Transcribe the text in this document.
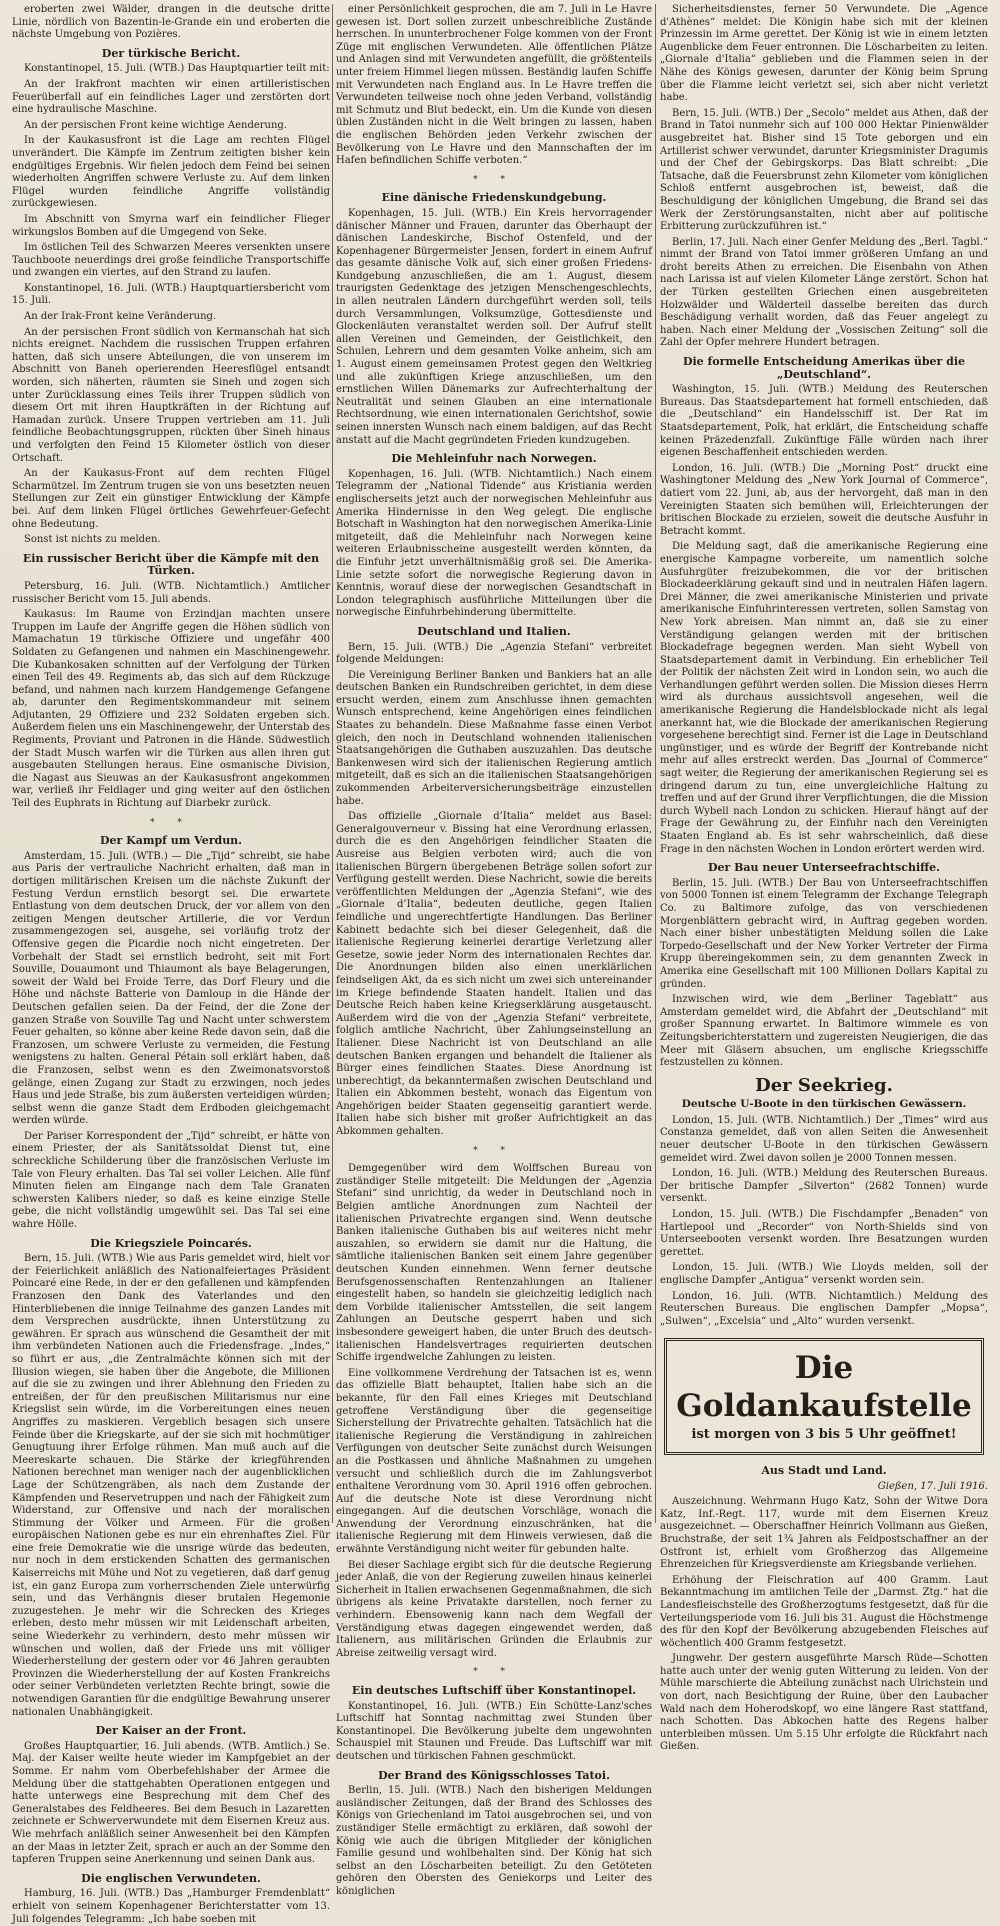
eroberten zwei Wälder, drangen in die deutsche dritte Linie, nördlich von Bazentin-le-Grande ein und eroberten die nächste Umgebung von Pozières.

Der türkische Bericht.

Konstantinopel, 15. Juli. (WTB.) Das Hauptquartier teilt mit:

An der Irakfront machten wir einen artilleristischen Feuerüberfall auf ein feindliches Lager und zerstörten dort eine hydraulische Maschine.

An der persischen Front keine wichtige Aenderung.

In der Kaukasusfront ist die Lage am rechten Flügel unverändert. Die Kämpfe im Zentrum zeitigten bisher kein endgültiges Ergebnis. Wir fielen jedoch dem Feind bei seinen wiederholten Angriffen schwere Verluste zu. Auf dem linken Flügel wurden feindliche Angriffe vollständig zurückgewiesen.

Im Abschnitt von Smyrna warf ein feindlicher Flieger wirkungslos Bomben auf die Umgegend von Seke.

Im östlichen Teil des Schwarzen Meeres versenkten unsere Tauchboote neuerdings drei große feindliche Transportschiffe und zwangen ein viertes, auf den Strand zu laufen.

Konstantinopel, 16. Juli. (WTB.) Hauptquartiersbericht vom 15. Juli.

An der Irak-Front keine Veränderung.

An der persischen Front südlich von Kermanschah hat sich nichts ereignet. Nachdem die russischen Truppen erfahren hatten, daß sich unsere Abteilungen, die von unserem im Abschnitt von Baneh operierenden Heeresflügel entsandt worden, sich näherten, räumten sie Sineh und zogen sich unter Zurücklassung eines Teils ihrer Truppen südlich von diesem Ort mit ihren Hauptkräften in der Richtung auf Hamadan zurück. Unsere Truppen vertrieben am 11. Juli feindliche Beobachtungsgruppen, rückten über Sineh hinaus und verfolgten den Feind 15 Kilometer östlich von dieser Ortschaft.

An der Kaukasus-Front auf dem rechten Flügel Scharmützel. Im Zentrum trugen sie von uns besetzten neuen Stellungen zur Zeit ein günstiger Entwicklung der Kämpfe bei. Auf dem linken Flügel örtliches Gewehrfeuer-Gefecht ohne Bedeutung.

Sonst ist nichts zu melden.

Ein russischer Bericht über die Kämpfe mit den Türken.

Petersburg, 16. Juli. (WTB. Nichtamtlich.) Amtlicher russischer Bericht vom 15. Juli abends.

Kaukasus: Im Raume von Erzindjan machten unsere Truppen im Laufe der Angriffe gegen die Höhen südlich von Mamachatun 19 türkische Offiziere und ungefähr 400 Soldaten zu Gefangenen und nahmen ein Maschinengewehr. Die Kubankosaken schnitten auf der Verfolgung der Türken einen Teil des 49. Regiments ab, das sich auf dem Rückzuge befand, und nahmen nach kurzem Handgemenge Gefangene ab, darunter den Regimentskommandeur mit seinem Adjutanten, 29 Offiziere und 232 Soldaten ergeben sich. Außerdem fielen uns ein Maschinengewehr, der Unterstab des Regiments, Proviant und Patronen in die Hände. Südwestlich der Stadt Musch warfen wir die Türken aus allen ihren gut ausgebauten Stellungen heraus. Eine osmanische Division, die Nagast aus Sieuwas an der Kaukasusfront angekommen war, verließ ihr Feldlager und ging weiter auf den östlichen Teil des Euphrats in Richtung auf Diarbekr zurück.

* *
Der Kampf um Verdun.

Amsterdam, 15. Juli. (WTB.) — Die „Tijd“ schreibt, sie habe aus Paris der vertrauliche Nachricht erhalten, daß man in dortigen militärischen Kreisen um die nächste Zukunft der Festung Verdun ernstlich besorgt sei. Die erwartete Entlastung von dem deutschen Druck, der vor allem von den zeitigen Mengen deutscher Artillerie, die vor Verdun zusammengezogen sei, ausgehe, sei vorläufig trotz der Offensive gegen die Picardie noch nicht eingetreten. Der Vorbehalt der Stadt sei ernstlich bedroht, seit mit Fort Souville, Douaumont und Thiaumont als baye Belagerungen, soweit der Wald bei Froide Terre, das Dorf Fleury und die Höhe und nächste Batterie von Damloup in die Hände der Deutschen gefallen seien. Da der Feind, der die Zone der ganzen Straße von Souville Tag und Nacht unter schwerstem Feuer gehalten, so könne aber keine Rede davon sein, daß die Franzosen, um schwere Verluste zu vermeiden, die Festung wenigstens zu halten. General Pétain soll erklärt haben, daß die Franzosen, selbst wenn es den Zweimonatsvorstoß gelänge, einen Zugang zur Stadt zu erzwingen, noch jedes Haus und jede Straße, bis zum äußersten verteidigen würden; selbst wenn die ganze Stadt dem Erdboden gleichgemacht werden würde.

Der Pariser Korrespondent der „Tijd“ schreibt, er hätte von einem Priester, der als Sanitätssoldat Dienst tut, eine schreckliche Schilderung über die französischen Verluste im Tale von Fleury erhalten. Das Tal sei voller Leichen. Alle fünf Minuten fielen am Eingange nach dem Tale Granaten schwersten Kalibers nieder, so daß es keine einzige Stelle gebe, die nicht vollständig umgewühlt sei. Das Tal sei eine wahre Hölle.

Die Kriegsziele Poincarés.

Bern, 15. Juli. (WTB.) Wie aus Paris gemeldet wird, hielt vor der Feierlichkeit anläßlich des Nationalfeiertages Präsident Poincaré eine Rede, in der er den gefallenen und kämpfenden Franzosen den Dank des Vaterlandes und den Hinterbliebenen die innige Teilnahme des ganzen Landes mit dem Versprechen ausdrückte, ihnen Unterstützung zu gewähren. Er sprach aus wünschend die Gesamtheit der mit ihm verbündeten Nationen auch die Friedensfrage. „Indes,“ so führt er aus, „die Zentralmächte können sich mit der Illusion wiegen, sie haben über die Angebote, die Millionen auf die sie zu zwingen und ihrer Ablehnung den Frieden zu entreißen, der für den preußischen Militarismus nur eine Kriegslist sein würde, im die Vorbereitungen eines neuen Angriffes zu maskieren. Vergeblich besagen sich unsere Feinde über die Kriegskarte, auf der sie sich mit hochmütiger Genugtuung ihrer Erfolge rühmen. Man muß auch auf die Meereskarte schauen. Die Stärke der kriegführenden Nationen berechnet man weniger nach der augenblicklichen Lage der Schützengräben, als nach dem Zustande der Kämpfenden und Reservetruppen und nach der Fähigkeit zum Widerstand, zur Offensive und nach der moralischen Stimmung der Völker und Armeen. Für die großen europäischen Nationen gebe es nur ein ehrenhaftes Ziel. Für eine freie Demokratie wie die unsrige würde das bedeuten, nur noch in dem erstickenden Schatten des germanischen Kaiserreichs mit Mühe und Not zu vegetieren, daß darf genug ist, ein ganz Europa zum vorherrschenden Ziele unterwürfig sein, und das Verhängnis dieser brutalen Hegemonie zuzugestehen. Je mehr wir die Schrecken des Krieges erleben, desto mehr müssen wir mit Leidenschaft arbeiten, seine Wiederkehr zu verhindern, desto mehr müssen wir wünschen und wollen, daß der Friede uns mit völliger Wiederherstellung der gestern oder vor 46 Jahren geraubten Provinzen die Wiederherstellung der auf Kosten Frankreichs oder seiner Verbündeten verletzten Rechte bringt, sowie die notwendigen Garantien für die endgültige Bewahrung unserer nationalen Unabhängigkeit.

Der Kaiser an der Front.

Großes Hauptquartier, 16. Juli abends. (WTB. Amtlich.) Se. Maj. der Kaiser weilte heute wieder im Kampfgebiet an der Somme. Er nahm vom Oberbefehlshaber der Armee die Meldung über die stattgehabten Operationen entgegen und hatte unterwegs eine Besprechung mit dem Chef des Generalstabes des Feldheeres. Bei dem Besuch in Lazaretten zeichnete er Schwerverwundete mit dem Eisernen Kreuz aus. Wie mehrfach anläßlich seiner Anwesenheit bei den Kämpfen an der Maas in letzter Zeit, sprach er auch an der Somme den tapferen Truppen seine Anerkennung und seinen Dank aus.

Die englischen Verwundeten.

Hamburg, 16. Juli. (WTB.) Das „Hamburger Fremdenblatt“ erhielt von seinem Kopenhagener Berichterstatter vom 13. Juli folgendes Telegramm: „Ich habe soeben mit

einer Persönlichkeit gesprochen, die am 7. Juli in Le Havre gewesen ist. Dort sollen zurzeit unbeschreibliche Zustände herrschen. In ununterbrochener Folge kommen von der Front Züge mit englischen Verwundeten. Alle öffentlichen Plätze und Anlagen sind mit Verwundeten angefüllt, die größtenteils unter freiem Himmel liegen müssen. Beständig laufen Schiffe mit Verwundeten nach England aus. In Le Havre treffen die Verwundeten teilweise noch ohne jeden Verband, vollständig mit Schmutz und Blut bedeckt, ein. Um die Kunde von diesen üblen Zuständen nicht in die Welt bringen zu lassen, haben die englischen Behörden jeden Verkehr zwischen der Bevölkerung von Le Havre und den Mannschaften der im Hafen befindlichen Schiffe verboten.“

* *
Eine dänische Friedenskundgebung.

Kopenhagen, 15. Juli. (WTB.) Ein Kreis hervorragender dänischer Männer und Frauen, darunter das Oberhaupt der dänischen Landeskirche, Bischof Ostenfeld, und der Kopenhagener Bürgermeister Jensen, fordert in einem Aufruf das gesamte dänische Volk auf, sich einer großen Friedens-Kundgebung anzuschließen, die am 1. August, diesem traurigsten Gedenktage des jetzigen Menschengeschlechts, in allen neutralen Ländern durchgeführt werden soll, teils durch Versammlungen, Volksumzüge, Gottesdienste und Glockenläuten veranstaltet werden soll. Der Aufruf stellt allen Vereinen und Gemeinden, der Geistlichkeit, den Schulen, Lehrern und dem gesamten Volke anheim, sich am 1. August einem gemeinsamen Protest gegen den Weltkrieg und alle zukünftigen Kriege anzuschließen, um den ernstlichen Willen Dänemarks zur Aufrechterhaltung der Neutralität und seinen Glauben an eine internationale Rechtsordnung, wie einen internationalen Gerichtshof, sowie seinen innersten Wunsch nach einem baldigen, auf das Recht anstatt auf die Macht gegründeten Frieden kundzugeben.

Die Mehleinfuhr nach Norwegen.

Kopenhagen, 16. Juli. (WTB. Nichtamtlich.) Nach einem Telegramm der „National Tidende“ aus Kristiania werden englischerseits jetzt auch der norwegischen Mehleinfuhr aus Amerika Hindernisse in den Weg gelegt. Die englische Botschaft in Washington hat den norwegischen Amerika-Linie mitgeteilt, daß die Mehleinfuhr nach Norwegen keine weiteren Erlaubnisscheine ausgestellt werden könnten, da die Einfuhr jetzt unverhältnismäßig groß sei. Die Amerika-Linie setzte sofort die norwegische Regierung davon in Kenntnis, worauf diese der norwegischen Gesandtschaft in London telegraphisch ausführliche Mitteilungen über die norwegische Einfuhrbehinderung übermittelte.

Deutschland und Italien.

Bern, 15. Juli. (WTB.) Die „Agenzia Stefani“ verbreitet folgende Meldungen:

Die Vereinigung Berliner Banken und Bankiers hat an alle deutschen Banken ein Rundschreiben gerichtet, in dem diese ersucht werden, einem zum Anschlusse ihnen gemachten Wunsch entsprechend, keine Angehörigen eines feindlichen Staates zu behandeln. Diese Maßnahme fasse einen Verbot gleich, den noch in Deutschland wohnenden italienischen Staatsangehörigen die Guthaben auszuzahlen. Das deutsche Bankenwesen wird sich der italienischen Regierung amtlich mitgeteilt, daß es sich an die italienischen Staatsangehörigen zukommenden Arbeiterversicherungsbeiträge einzustellen habe.

Das offizielle „Giornale d’Italia“ meldet aus Basel: Generalgouverneur v. Bissing hat eine Verordnung erlassen, durch die es den Angehörigen feindlicher Staaten die Ausreise aus Belgien verboten wird; auch die von italienischen Bürgern übergebenen Beträge sollen sofort zur Verfügung gestellt werden. Diese Nachricht, sowie die bereits veröffentlichten Meldungen der „Agenzia Stefani“, wie des „Giornale d’Italia“, bedeuten deutliche, gegen Italien feindliche und ungerechtfertigte Handlungen. Das Berliner Kabinett bedachte sich bei dieser Gelegenheit, daß die italienische Regierung keinerlei derartige Verletzung aller Gesetze, sowie jeder Norm des internationalen Rechtes dar. Die Anordnungen bilden also einen unerklärlichen feindseligen Akt, da es sich nicht um zwei sich untereinander im Kriege befindende Staaten handelt. Italien und das Deutsche Reich haben keine Kriegserklärung ausgetauscht. Außerdem wird die von der „Agenzia Stefani“ verbreitete, folglich amtliche Nachricht, über Zahlungseinstellung an Italiener. Diese Nachricht ist von Deutschland an alle deutschen Banken ergangen und behandelt die Italiener als Bürger eines feindlichen Staates. Diese Anordnung ist unberechtigt, da bekanntermaßen zwischen Deutschland und Italien ein Abkommen besteht, wonach das Eigentum von Angehörigen beider Staaten gegenseitig garantiert werde. Italien habe sich bisher mit großer Aufrichtigkeit an das Abkommen gehalten.

* *

Demgegenüber wird dem Wolffschen Bureau von zuständiger Stelle mitgeteilt: Die Meldungen der „Agenzia Stefani“ sind unrichtig, da weder in Deutschland noch in Belgien amtliche Anordnungen zum Nachteil der italienischen Privatrechte ergangen sind. Wenn deutsche Banken italienische Guthaben bis auf weiteres nicht mehr auszahlen, so erwidern sie damit nur die Haltung, die sämtliche italienischen Banken seit einem Jahre gegenüber deutschen Kunden einnehmen. Wenn ferner deutsche Berufsgenossenschaften Rentenzahlungen an Italiener eingestellt haben, so handeln sie gleichzeitig lediglich nach dem Vorbilde italienischer Amtsstellen, die seit langem Zahlungen an Deutsche gesperrt haben und sich insbesondere geweigert haben, die unter Bruch des deutsch-italienischen Handelsvertrages requirierten deutschen Schiffe irgendwelche Zahlungen zu leisten.

Eine vollkommene Verdrehung der Tatsachen ist es, wenn das offizielle Blatt behauptet, Italien habe sich an die bekannte, für den Fall eines Krieges mit Deutschland getroffene Verständigung über die gegenseitige Sicherstellung der Privatrechte gehalten. Tatsächlich hat die italienische Regierung die Verständigung in zahlreichen Verfügungen von deutscher Seite zunächst durch Weisungen an die Postkassen und ähnliche Maßnahmen zu umgehen versucht und schließlich durch die im Zahlungsverbot enthaltene Verordnung vom 30. April 1916 offen gebrochen. Auf die deutsche Note ist diese Verordnung nicht eingegangen. Auf die deutschen Vorschläge, wonach die Anwendung der Verordnung einzuschränken, hat die italienische Regierung mit dem Hinweis verwiesen, daß die erwähnte Verständigung nicht weiter für gebunden halte.

Bei dieser Sachlage ergibt sich für die deutsche Regierung jeder Anlaß, die von der Regierung zuweilen hinaus keinerlei Sicherheit in Italien erwachsenen Gegenmaßnahmen, die sich übrigens als keine Privatakte darstellen, noch ferner zu verhindern. Ebensowenig kann nach dem Wegfall der Verständigung etwas dagegen eingewendet werden, daß Italienern, aus militärischen Gründen die Erlaubnis zur Abreise zeitweilig versagt wird.

* *
Ein deutsches Luftschiff über Konstantinopel.

Konstantinopel, 16. Juli. (WTB.) Ein Schütte-Lanz'sches Luftschiff hat Sonntag nachmittag zwei Stunden über Konstantinopel. Die Bevölkerung jubelte dem ungewohnten Schauspiel mit Staunen und Freude. Das Luftschiff war mit deutschen und türkischen Fahnen geschmückt.

Der Brand des Königsschlosses Tatoi.

Berlin, 15. Juli. (WTB.) Nach den bisherigen Meldungen ausländischer Zeitungen, daß der Brand des Schlosses des Königs von Griechenland im Tatoi ausgebrochen sei, und von zuständiger Stelle ermächtigt zu erklären, daß sowohl der König wie auch die übrigen Mitglieder der königlichen Familie gesund und wohlbehalten sind. Der König hat sich selbst an den Löscharbeiten beteiligt. Zu den Getöteten gehören den Obersten des Geniekorps und Leiter des königlichen

Sicherheitsdienstes, ferner 50 Verwundete. Die „Agence d'Athènes“ meldet: Die Königin habe sich mit der kleinen Prinzessin im Arme gerettet. Der König ist wie in einem letzten Augenblicke dem Feuer entronnen. Die Löscharbeiten zu leiten. „Giornale d'Italia“ geblieben und die Flammen seien in der Nähe des Königs gewesen, darunter der König beim Sprung über die Flamme leicht verletzt sei, sich aber nicht verletzt habe.

Bern, 15. Juli. (WTB.) Der „Secolo“ meldet aus Athen, daß der Brand in Tatoi nunmehr sich auf 100 000 Hektar Pinienwälder ausgebreitet hat. Bisher sind 15 Tote geborgen und ein Artillerist schwer verwundet, darunter Kriegsminister Dragumis und der Chef der Gebirgskorps. Das Blatt schreibt: „Die Tatsache, daß die Feuersbrunst zehn Kilometer vom königlichen Schloß entfernt ausgebrochen ist, beweist, daß die Beschuldigung der königlichen Umgebung, die Brand sei das Werk der Zerstörungsanstalten, nicht aber auf politische Erbitterung zurückzuführen ist.“

Berlin, 17. Juli. Nach einer Genfer Meldung des „Berl. Tagbl.“ nimmt der Brand von Tatoi immer größeren Umfang an und droht bereits Athen zu erreichen. Die Eisenbahn von Athen nach Larissa ist auf vielen Kilometer Länge zerstört. Schon hat der Türken gestellten Griechen einen ausgebreiteten Holzwälder und Wälderteil dasselbe bereiten das durch Beschädigung verhallt worden, daß das Feuer angelegt zu haben. Nach einer Meldung der „Vossischen Zeitung“ soll die Zahl der Opfer mehrere Hundert betragen.

Die formelle Entscheidung Amerikas über die „Deutschland“.

Washington, 15. Juli. (WTB.) Meldung des Reuterschen Bureaus. Das Staatsdepartement hat formell entschieden, daß die „Deutschland“ ein Handelsschiff ist. Der Rat im Staatsdepartement, Polk, hat erklärt, die Entscheidung schaffe keinen Präzedenzfall. Zukünftige Fälle würden nach ihrer eigenen Beschaffenheit entschieden werden.

London, 16. Juli. (WTB.) Die „Morning Post“ druckt eine Washingtoner Meldung des „New York Journal of Commerce“, datiert vom 22. Juni, ab, aus der hervorgeht, daß man in den Vereinigten Staaten sich bemühen will, Erleichterungen der britischen Blockade zu erzielen, soweit die deutsche Ausfuhr in Betracht kommt.

Die Meldung sagt, daß die amerikanische Regierung eine energische Kampagne vorbereite, um namentlich solche Ausfuhrgüter freizubekommen, die vor der britischen Blockadeerklärung gekauft sind und in neutralen Häfen lagern. Drei Männer, die zwei amerikanische Ministerien und private amerikanische Einfuhrinteressen vertreten, sollen Samstag von New York abreisen. Man nimmt an, daß sie zu einer Verständigung gelangen werden mit der britischen Blockadefrage begegnen werden. Man sieht Wybell von Staatsdepartement damit in Verbindung. Ein erheblicher Teil der Politik der nächsten Zeit wird in London sein, wo auch die Verhandlungen geführt werden sollen. Die Mission dieses Herrn wird als durchaus aussichtsvoll angesehen, weil die amerikanische Regierung die Handelsblockade nicht als legal anerkannt hat, wie die Blockade der amerikanischen Regierung vorgesehene berechtigt sind. Ferner ist die Lage in Deutschland ungünstiger, und es würde der Begriff der Kontrebande nicht mehr auf alles erstreckt werden. Das „Journal of Commerce“ sagt weiter, die Regierung der amerikanischen Regierung sei es dringend darum zu tun, eine unvergleichliche Haltung zu treffen und auf der Grund ihrer Verpflichtungen, die die Mission durch Wybell nach London zu schicken. Hierauf hängt auf der Frage der Gewährung zu, der Einfuhr nach den Vereinigten Staaten England ab. Es ist sehr wahrscheinlich, daß diese Frage in den nächsten Wochen in London erörtert werden wird.

Der Bau neuer Unterseefrachtschiffe.

Berlin, 15. Juli. (WTB.) Der Bau von Unterseefrachtschiffen von 5000 Tonnen ist einem Telegramm der Exchange Telegraph Co. zu Baltimore zufolge, das von verschiedenen Morgenblättern gebracht wird, in Auftrag gegeben worden. Nach einer bisher unbestätigten Meldung sollen die Lake Torpedo-Gesellschaft und der New Yorker Vertreter der Firma Krupp übereingekommen sein, zu dem genannten Zweck in Amerika eine Gesellschaft mit 100 Millionen Dollars Kapital zu gründen.

Inzwischen wird, wie dem „Berliner Tageblatt“ aus Amsterdam gemeldet wird, die Abfahrt der „Deutschland“ mit großer Spannung erwartet. In Baltimore wimmele es von Zeitungsberichterstattern und zugereisten Neugierigen, die das Meer mit Gläsern absuchen, um englische Kriegsschiffe festzustellen zu können.

Der Seekrieg.
Deutsche U-Boote in den türkischen Gewässern.

London, 15. Juli. (WTB. Nichtamtlich.) Der „Times“ wird aus Constanza gemeldet, daß von allen Seiten die Anwesenheit neuer deutscher U-Boote in den türkischen Gewässern gemeldet wird. Zwei davon sollen je 2000 Tonnen messen.

London, 16. Juli. (WTB.) Meldung des Reuterschen Bureaus. Der britische Dampfer „Silverton“ (2682 Tonnen) wurde versenkt.

London, 15. Juli. (WTB.) Die Fischdampfer „Benaden“ von Hartlepool und „Recorder“ von North-Shields sind von Unterseebooten versenkt worden. Ihre Besatzungen wurden gerettet.

London, 15. Juli. (WTB.) Wie Lloyds melden, soll der englische Dampfer „Antigua“ versenkt worden sein.

London, 16. Juli. (WTB. Nichtamtlich.) Meldung des Reuterschen Bureaus. Die englischen Dampfer „Mopsa“, „Sulwen“, „Excelsia“ und „Alto“ wurden versenkt.

Die Goldankaufstelle
ist morgen von 3 bis 5 Uhr geöffnet!
Aus Stadt und Land.

Gießen, 17. Juli 1916.

Auszeichnung. Wehrmann Hugo Katz, Sohn der Witwe Dora Katz, Inf.-Regt. 117, wurde mit dem Eisernen Kreuz ausgezeichnet. — Oberschaffner Heinrich Vollmann aus Gießen, Bruchstraße, der seit 1¾ Jahren als Feldpostschaffner an der Ostfront ist, erhielt vom Großherzog das Allgemeine Ehrenzeichen für Kriegsverdienste am Kriegsbande verliehen.

Erhöhung der Fleischration auf 400 Gramm. Laut Bekanntmachung im amtlichen Teile der „Darmst. Ztg.“ hat die Landesfleischstelle des Großherzogtums festgesetzt, daß für die Verteilungsperiode vom 16. Juli bis 31. August die Höchstmenge des für den Kopf der Bevölkerung abzugebenden Fleisches auf wöchentlich 400 Gramm festgesetzt.

Jungwehr. Der gestern ausgeführte Marsch Rüde—Schotten hatte auch unter der wenig guten Witterung zu leiden. Von der Mühle marschierte die Abteilung zunächst nach Ulrichstein und von dort, nach Besichtigung der Ruine, über den Laubacher Wald nach dem Hoherodskopf, wo eine längere Rast stattfand, nach Schotten. Das Abkochen hatte des Regens halber unterbleiben müssen. Um 5.15 Uhr erfolgte die Rückfahrt nach Gießen.
